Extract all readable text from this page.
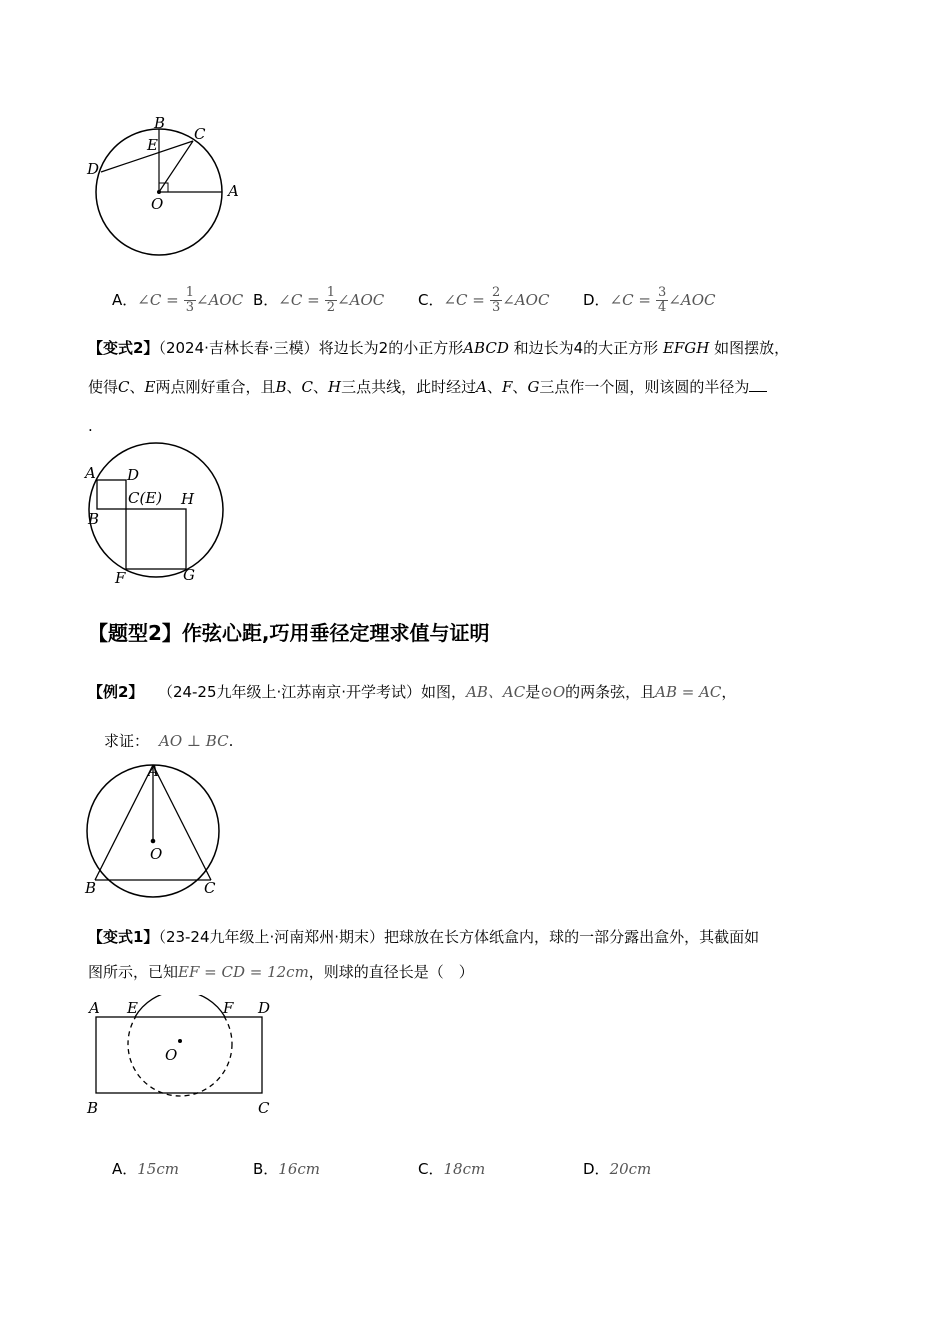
B
C
E
D
O
A
A．∠C = $\frac{1}{3}$ ∠AOC B．∠C = $\frac{1}{2}$ ∠AOC C．∠C = $\frac{2}{3}$ ∠AOC D．∠C = $\frac{3}{4}$ ∠AOC
【变式2】（2024·吉林长春·三模）将边长为2的小正方形ABCD 和边长为4的大正方形 EFGH 如图摆放，
使得C、E两点刚好重合，且B、C、H三点共线，此时经过A、F、G三点作一个圆，则该圆的半径为
.
A D
C(E) H
B
F	G
【题型2】作弦心距,巧用垂径定理求值与证明
【例2】 （24-25九年级上·江苏南京·开学考试）如图，AB、AC是⊙O的两条弦，且AB = AC，
求证： AO ⊥ BC.
A
O
B	C
【变式1】（23-24九年级上·河南郑州·期末）把球放在长方体纸盒内，球的一部分露出盒外，其截面如
图所示，已知EF = CD = 12cm，则球的直径长是（　）
A E	F D
O
B	C
A．15cm	B．16cm	C．18cm	D．20cm
